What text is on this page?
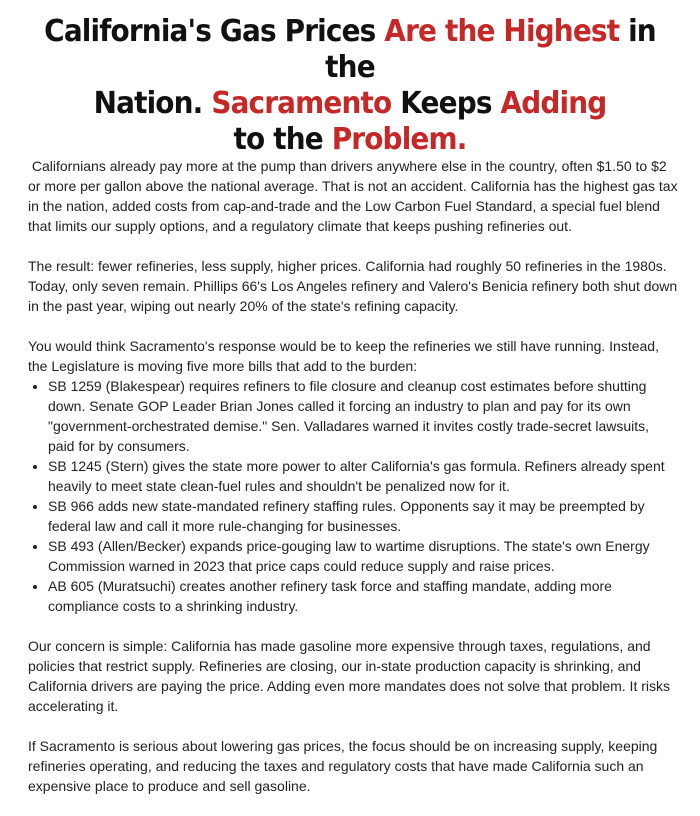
California's Gas Prices Are the Highest in the
Nation. Sacramento Keeps Adding
to the Problem.

Californians already pay more at the pump than drivers anywhere else in the country, often $1.50 to $2 or more per gallon above the national average. That is not an accident. California has the highest gas tax in the nation, added costs from cap-and-trade and the Low Carbon Fuel Standard, a special fuel blend that limits our supply options, and a regulatory climate that keeps pushing refineries out.

The result: fewer refineries, less supply, higher prices. California had roughly 50 refineries in the 1980s. Today, only seven remain. Phillips 66's Los Angeles refinery and Valero's Benicia refinery both shut down in the past year, wiping out nearly 20% of the state's refining capacity.

You would think Sacramento's response would be to keep the refineries we still have running. Instead, the Legislature is moving five more bills that add to the burden:

• SB 1259 (Blakespear) requires refiners to file closure and cleanup cost estimates before shutting down. Senate GOP Leader Brian Jones called it forcing an industry to plan and pay for its own "government-orchestrated demise." Sen. Valladares warned it invites costly trade-secret lawsuits, paid for by consumers.
• SB 1245 (Stern) gives the state more power to alter California's gas formula. Refiners already spent heavily to meet state clean-fuel rules and shouldn't be penalized now for it.
• SB 966 adds new state-mandated refinery staffing rules. Opponents say it may be preempted by federal law and call it more rule-changing for businesses.
• SB 493 (Allen/Becker) expands price-gouging law to wartime disruptions. The state's own Energy Commission warned in 2023 that price caps could reduce supply and raise prices.
• AB 605 (Muratsuchi) creates another refinery task force and staffing mandate, adding more compliance costs to a shrinking industry.

Our concern is simple: California has made gasoline more expensive through taxes, regulations, and policies that restrict supply. Refineries are closing, our in-state production capacity is shrinking, and California drivers are paying the price. Adding even more mandates does not solve that problem. It risks accelerating it.

If Sacramento is serious about lowering gas prices, the focus should be on increasing supply, keeping refineries operating, and reducing the taxes and regulatory costs that have made California such an expensive place to produce and sell gasoline.
